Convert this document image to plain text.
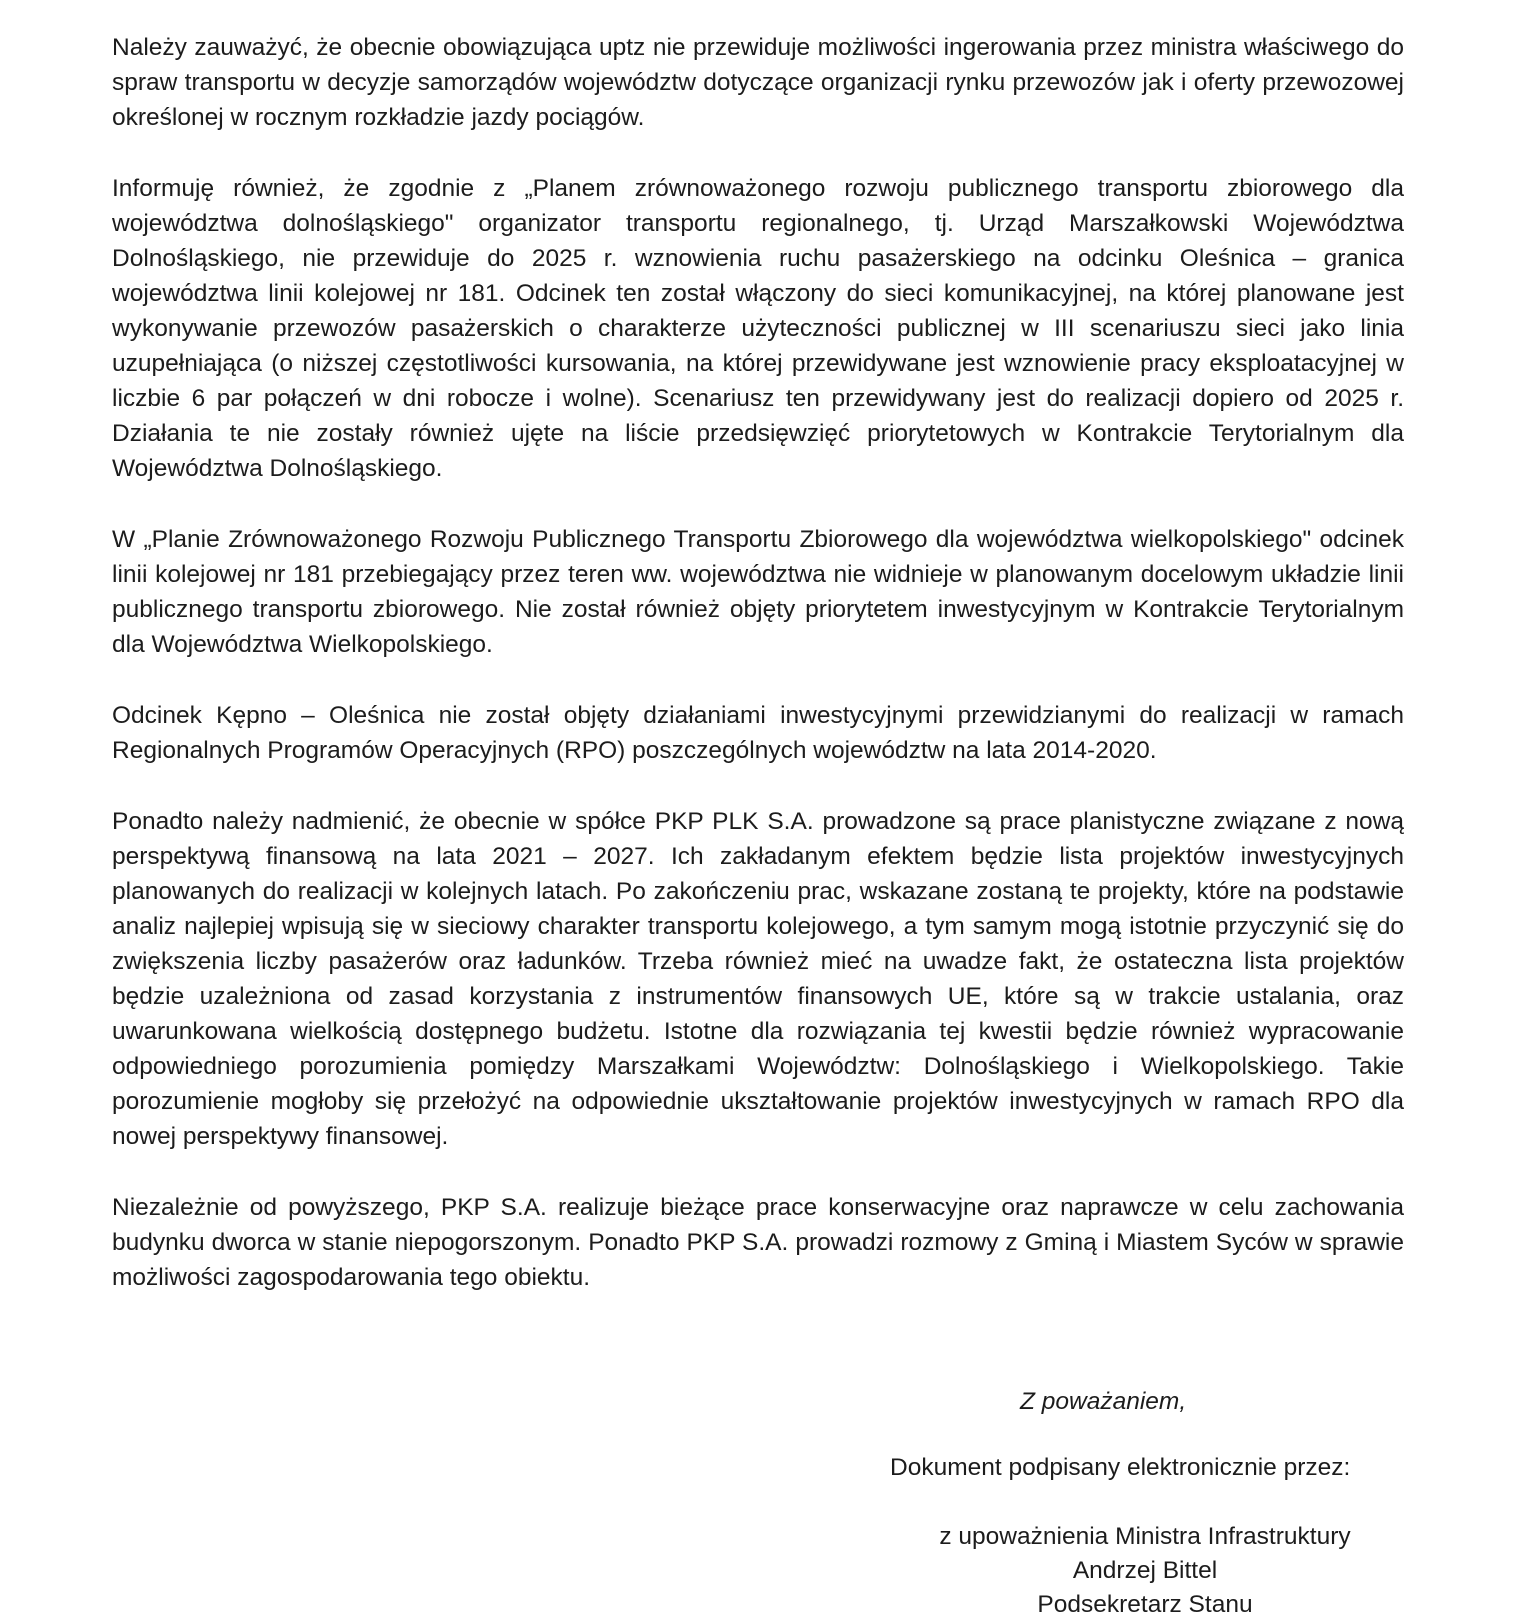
Należy zauważyć, że obecnie obowiązująca uptz nie przewiduje możliwości ingerowania przez ministra właściwego do spraw transportu w decyzje samorządów województw dotyczące organizacji rynku przewozów jak i oferty przewozowej określonej w rocznym rozkładzie jazdy pociągów.

Informuję również, że zgodnie z „Planem zrównoważonego rozwoju publicznego transportu zbiorowego dla województwa dolnośląskiego" organizator transportu regionalnego, tj. Urząd Marszałkowski Województwa Dolnośląskiego, nie przewiduje do 2025 r. wznowienia ruchu pasażerskiego na odcinku Oleśnica – granica województwa linii kolejowej nr 181. Odcinek ten został włączony do sieci komunikacyjnej, na której planowane jest wykonywanie przewozów pasażerskich o charakterze użyteczności publicznej w III scenariuszu sieci jako linia uzupełniająca (o niższej częstotliwości kursowania, na której przewidywane jest wznowienie pracy eksploatacyjnej w liczbie 6 par połączeń w dni robocze i wolne). Scenariusz ten przewidywany jest do realizacji dopiero od 2025 r. Działania te nie zostały również ujęte na liście przedsięwzięć priorytetowych w Kontrakcie Terytorialnym dla Województwa Dolnośląskiego.

W „Planie Zrównoważonego Rozwoju Publicznego Transportu Zbiorowego dla województwa wielkopolskiego" odcinek linii kolejowej nr 181 przebiegający przez teren ww. województwa nie widnieje w planowanym docelowym układzie linii publicznego transportu zbiorowego. Nie został również objęty priorytetem inwestycyjnym w Kontrakcie Terytorialnym dla Województwa Wielkopolskiego.

Odcinek Kępno – Oleśnica nie został objęty działaniami inwestycyjnymi przewidzianymi do realizacji w ramach Regionalnych Programów Operacyjnych (RPO) poszczególnych województw na lata 2014-2020.

Ponadto należy nadmienić, że obecnie w spółce PKP PLK S.A. prowadzone są prace planistyczne związane z nową perspektywą finansową na lata 2021 – 2027. Ich zakładanym efektem będzie lista projektów inwestycyjnych planowanych do realizacji w kolejnych latach. Po zakończeniu prac, wskazane zostaną te projekty, które na podstawie analiz najlepiej wpisują się w sieciowy charakter transportu kolejowego, a tym samym mogą istotnie przyczynić się do zwiększenia liczby pasażerów oraz ładunków. Trzeba również mieć na uwadze fakt, że ostateczna lista projektów będzie uzależniona od zasad korzystania z instrumentów finansowych UE, które są w trakcie ustalania, oraz uwarunkowana wielkością dostępnego budżetu. Istotne dla rozwiązania tej kwestii będzie również wypracowanie odpowiedniego porozumienia pomiędzy Marszałkami Województw: Dolnośląskiego i Wielkopolskiego. Takie porozumienie mogłoby się przełożyć na odpowiednie ukształtowanie projektów inwestycyjnych w ramach RPO dla nowej perspektywy finansowej.

Niezależnie od powyższego, PKP S.A. realizuje bieżące prace konserwacyjne oraz naprawcze w celu zachowania budynku dworca w stanie niepogorszonym. Ponadto PKP S.A. prowadzi rozmowy z Gminą i Miastem Syców w sprawie możliwości zagospodarowania tego obiektu.

Z poważaniem,

Dokument podpisany elektronicznie przez:

z upoważnienia Ministra Infrastruktury
Andrzej Bittel
Podsekretarz Stanu
